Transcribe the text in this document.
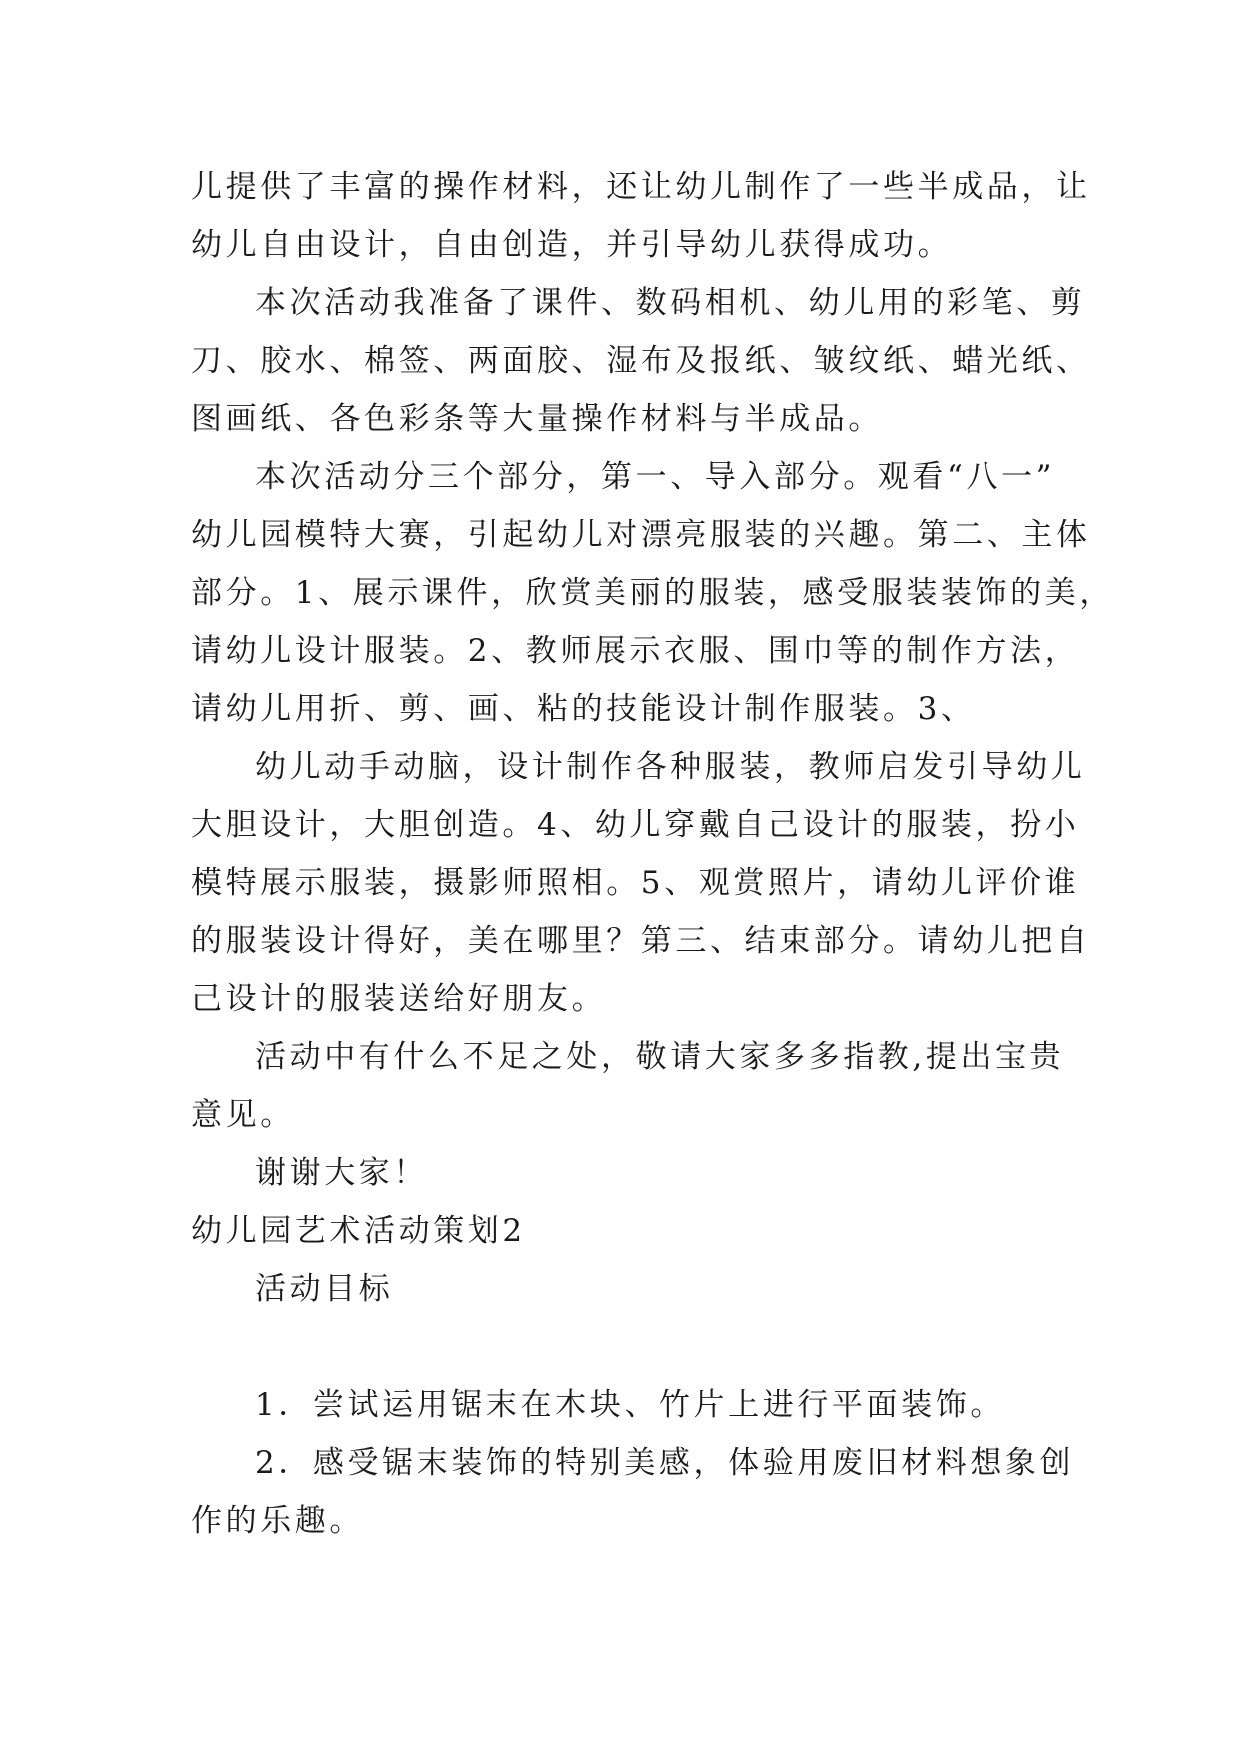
儿提供了丰富的操作材料，还让幼儿制作了一些半成品，让
幼儿自由设计，自由创造，并引导幼儿获得成功。
本次活动我准备了课件、数码相机、幼儿用的彩笔、剪
刀、胶水、棉签、两面胶、湿布及报纸、皱纹纸、蜡光纸、
图画纸、各色彩条等大量操作材料与半成品。
本次活动分三个部分，第一、导入部分。观看“八一”
幼儿园模特大赛，引起幼儿对漂亮服装的兴趣。第二、主体
部分。1、展示课件，欣赏美丽的服装，感受服装装饰的美，
请幼儿设计服装。2、教师展示衣服、围巾等的制作方法，
请幼儿用折、剪、画、粘的技能设计制作服装。3、
幼儿动手动脑，设计制作各种服装，教师启发引导幼儿
大胆设计，大胆创造。4、幼儿穿戴自己设计的服装，扮小
模特展示服装，摄影师照相。5、观赏照片，请幼儿评价谁
的服装设计得好，美在哪里？第三、结束部分。请幼儿把自
己设计的服装送给好朋友。
活动中有什么不足之处，敬请大家多多指教,提出宝贵
意见。
谢谢大家！
幼儿园艺术活动策划2
活动目标
1．尝试运用锯末在木块、竹片上进行平面装饰。
2．感受锯末装饰的特别美感，体验用废旧材料想象创
作的乐趣。
